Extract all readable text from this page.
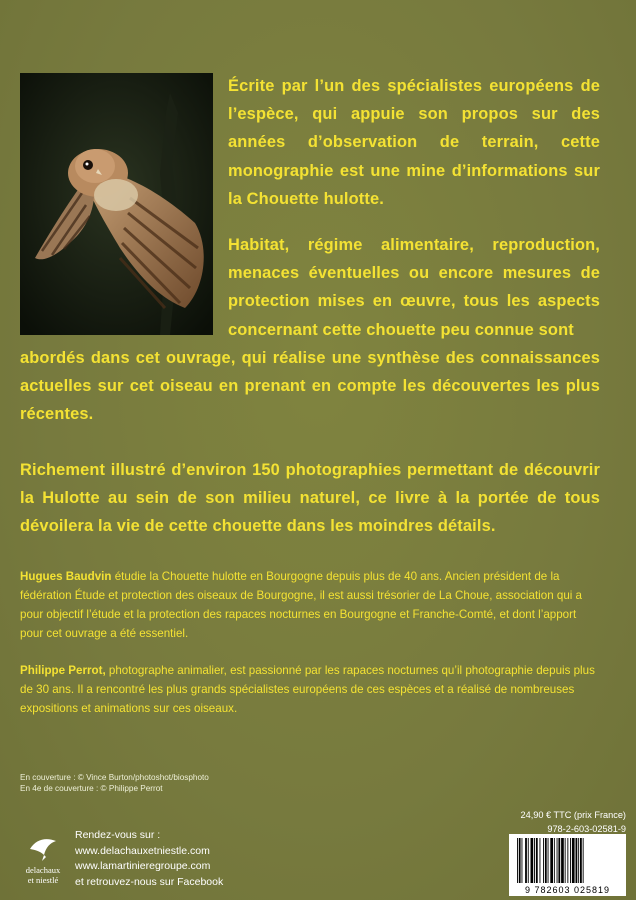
Écrite par l’un des spécialistes européens de l’espèce, qui appuie son propos sur des années d’observation de terrain, cette monographie est une mine d’informations sur la Chouette hulotte.

Habitat, régime alimentaire, reproduction, menaces éventuelles ou encore mesures de protection mises en œuvre, tous les aspects concernant cette chouette peu connue sont

abordés dans cet ouvrage, qui réalise une synthèse des connaissances actuelles sur cet oiseau en prenant en compte les découvertes les plus récentes.

Richement illustré d’environ 150 photographies permettant de découvrir la Hulotte au sein de son milieu naturel, ce livre à la portée de tous dévoilera la vie de cette chouette dans les moindres détails.

Hugues Baudvin étudie la Chouette hulotte en Bourgogne depuis plus de 40 ans. Ancien président de la fédération Étude et protection des oiseaux de Bourgogne, il est aussi trésorier de La Choue, association qui a pour objectif l’étude et la protection des rapaces nocturnes en Bourgogne et Franche-Comté, et dont l’apport pour cet ouvrage a été essentiel.

Philippe Perrot, photographe animalier, est passionné par les rapaces nocturnes qu’il photographie depuis plus de 30 ans. Il a rencontré les plus grands spécialistes européens de ces espèces et a réalisé de nombreuses expositions et animations sur ces oiseaux.

En couverture : © Vince Burton/photoshot/biosphoto
En 4e de couverture : © Philippe Perrot
delachaux
et niestlé
Rendez-vous sur :
www.delachauxetniestle.com
www.lamartinieregroupe.com
et retrouvez-nous sur Facebook
24,90 € TTC (prix France)
978-2-603-02581-9
9 782603 025819
